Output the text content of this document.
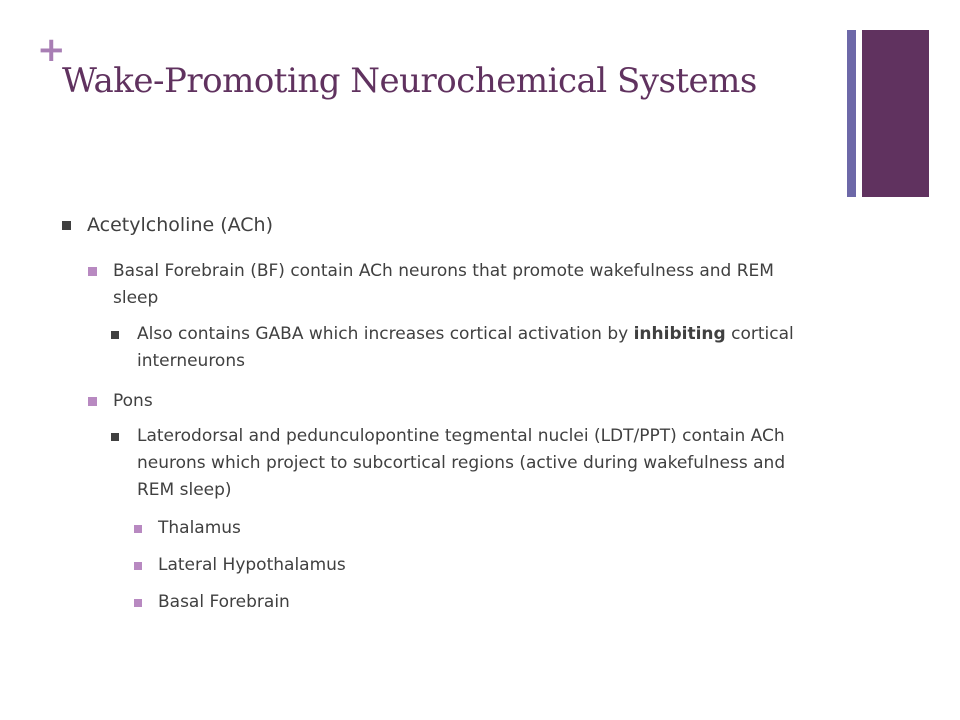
+
Wake-Promoting Neurochemical Systems
Acetylcholine (ACh)
Basal Forebrain (BF) contain ACh neurons that promote wakefulness and REM sleep
Also contains GABA which increases cortical activation by inhibiting cortical interneurons
Pons
Laterodorsal and pedunculopontine tegmental nuclei (LDT/PPT) contain ACh neurons which project to subcortical regions (active during wakefulness and REM sleep)
Thalamus
Lateral Hypothalamus
Basal Forebrain
